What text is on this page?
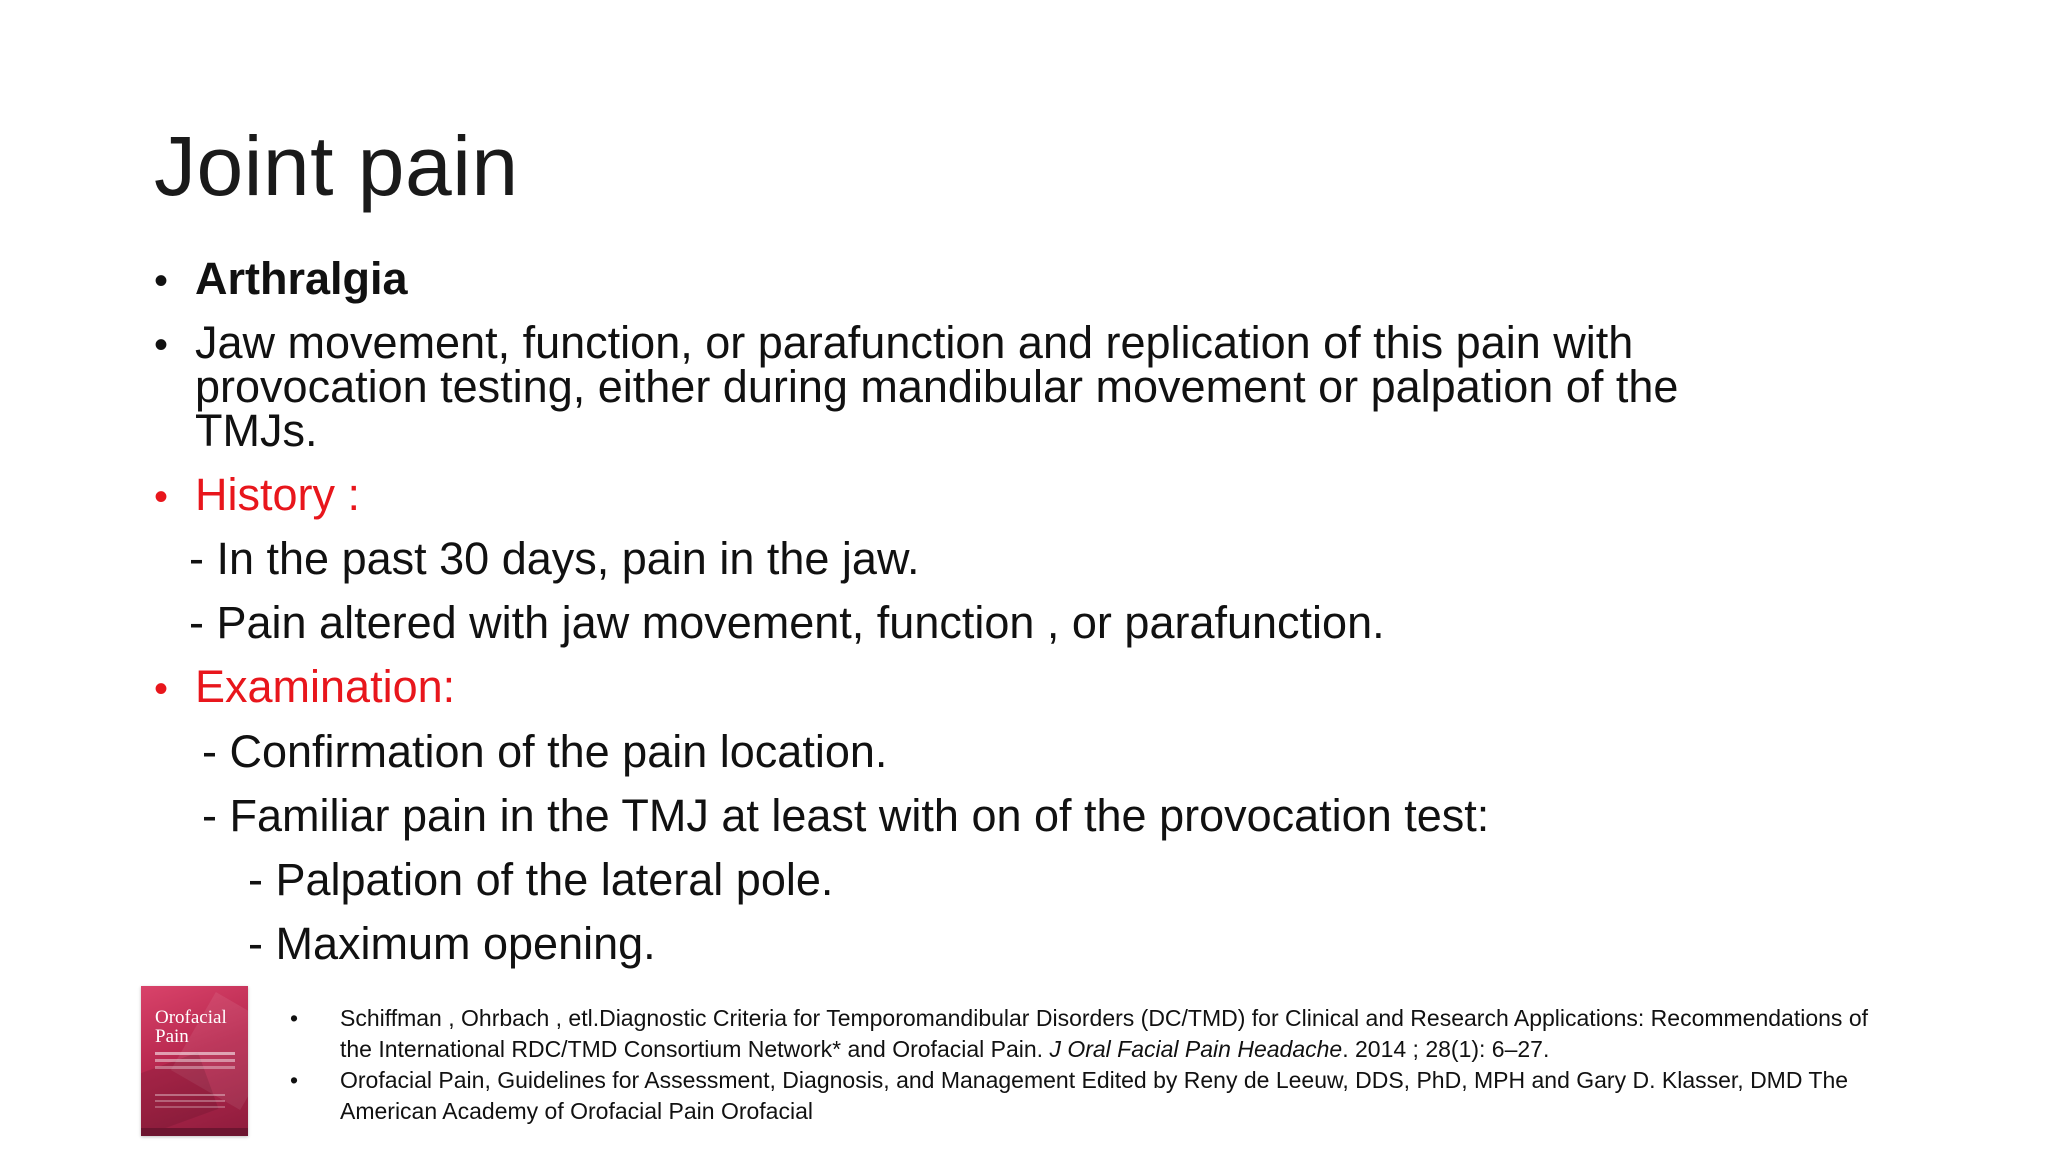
Joint pain
• Arthralgia
• Jaw movement, function, or parafunction and replication of this pain with
provocation testing, either during mandibular movement or palpation of the
TMJs.
• History :
- In the past 30 days, pain in the jaw.
- Pain altered with jaw movement, function , or parafunction.
• Examination:
- Confirmation of the pain location.
- Familiar pain in the TMJ at least with on of the provocation test:
- Palpation of the lateral pole.
- Maximum opening.
Orofacial
Pain

• Schiffman , Ohrbach , etl.Diagnostic Criteria for Temporomandibular Disorders (DC/TMD) for Clinical and Research Applications: Recommendations of the International RDC/TMD Consortium Network* and Orofacial Pain. J Oral Facial Pain Headache. 2014 ; 28(1): 6–27.

• Orofacial Pain, Guidelines for Assessment, Diagnosis, and Management Edited by Reny de Leeuw, DDS, PhD, MPH and Gary D. Klasser, DMD The American Academy of Orofacial Pain Orofacial
